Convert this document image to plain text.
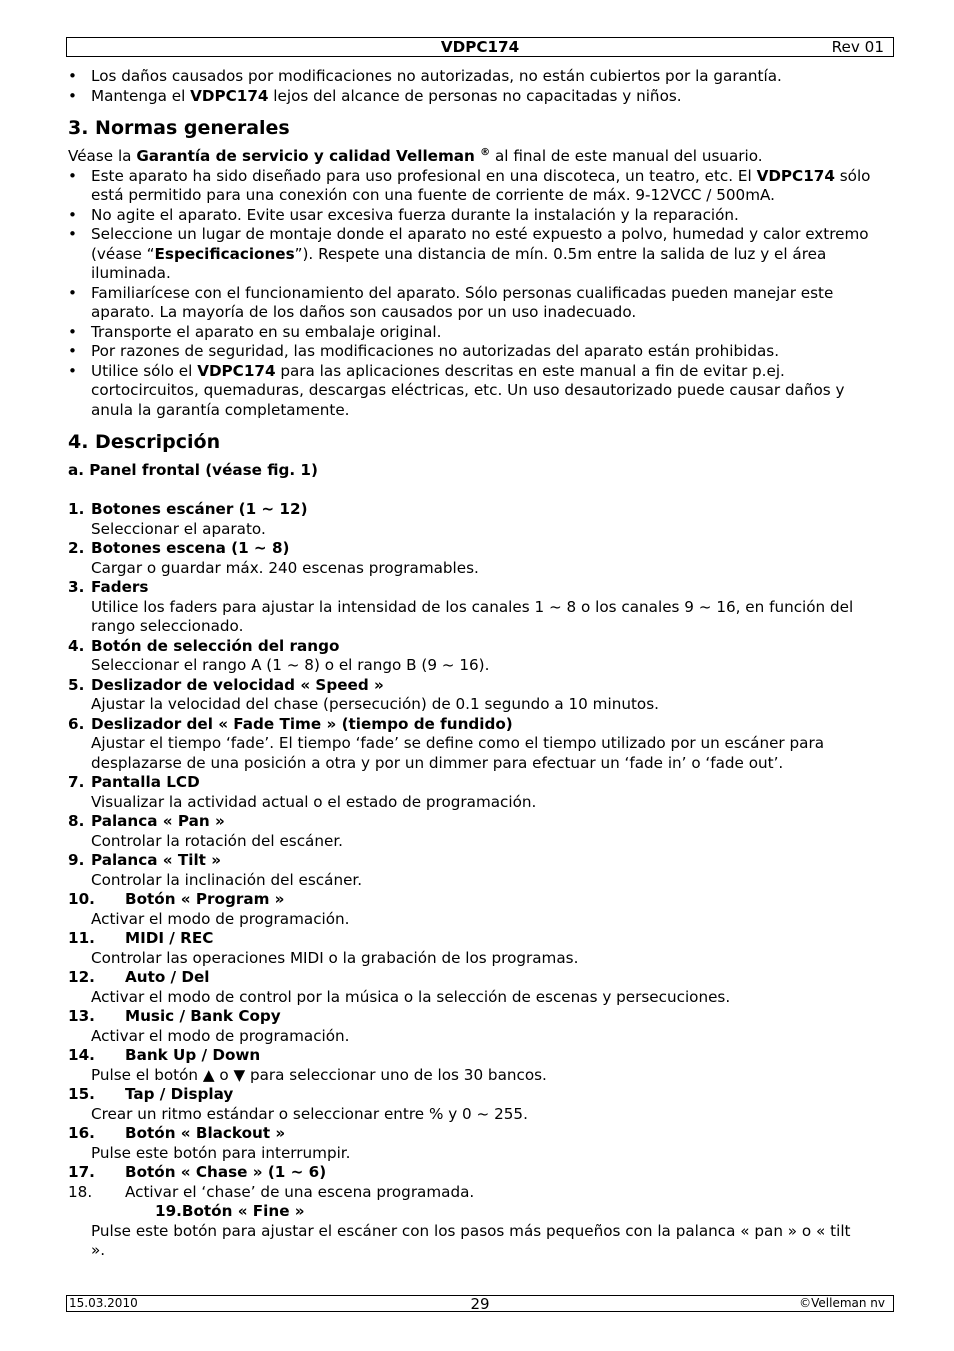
VDPC174	Rev 01
• Los daños causados por modificaciones no autorizadas, no están cubiertos por la garantía.
• Mantenga el VDPC174 lejos del alcance de personas no capacitadas y niños.
3. Normas generales

Véase la Garantía de servicio y calidad Velleman ® al final de este manual del usuario.

• Este aparato ha sido diseñado para uso profesional en una discoteca, un teatro, etc. El VDPC174 sólo está permitido para una conexión con una fuente de corriente de máx. 9-12VCC / 500mA.
• No agite el aparato. Evite usar excesiva fuerza durante la instalación y la reparación.
• Seleccione un lugar de montaje donde el aparato no esté expuesto a polvo, humedad y calor extremo (véase “Especificaciones”). Respete una distancia de mín. 0.5m entre la salida de luz y el área iluminada.
• Familiarícese con el funcionamiento del aparato. Sólo personas cualificadas pueden manejar este aparato. La mayoría de los daños son causados por un uso inadecuado.
• Transporte el aparato en su embalaje original.
• Por razones de seguridad, las modificaciones no autorizadas del aparato están prohibidas.
• Utilice sólo el VDPC174 para las aplicaciones descritas en este manual a fin de evitar p.ej. cortocircuitos, quemaduras, descargas eléctricas, etc. Un uso desautorizado puede causar daños y anula la garantía completamente.
4. Descripción

a. Panel frontal (véase fig. 1)

1. Botones escáner (1 ~ 12)
Seleccionar el aparato.
2. Botones escena (1 ~ 8)
Cargar o guardar máx. 240 escenas programables.
3. Faders
Utilice los faders para ajustar la intensidad de los canales 1 ~ 8 o los canales 9 ~ 16, en función del rango seleccionado.
4. Botón de selección del rango
Seleccionar el rango A (1 ~ 8) o el rango B (9 ~ 16).
5. Deslizador de velocidad « Speed »
Ajustar la velocidad del chase (persecución) de 0.1 segundo a 10 minutos.
6. Deslizador del « Fade Time » (tiempo de fundido)
Ajustar el tiempo ‘fade’. El tiempo ‘fade’ se define como el tiempo utilizado por un escáner para desplazarse de una posición a otra y por un dimmer para efectuar un ‘fade in’ o ‘fade out’.
7. Pantalla LCD
Visualizar la actividad actual o el estado de programación.
8. Palanca « Pan »
Controlar la rotación del escáner.
9. Palanca « Tilt »
Controlar la inclinación del escáner.
10. Botón « Program »
Activar el modo de programación.
11. MIDI / REC
Controlar las operaciones MIDI o la grabación de los programas.
12. Auto / Del
Activar el modo de control por la música o la selección de escenas y persecuciones.
13. Music / Bank Copy
Activar el modo de programación.
14. Bank Up / Down
Pulse el botón ▲ o ▼ para seleccionar uno de los 30 bancos.
15. Tap / Display
Crear un ritmo estándar o seleccionar entre % y 0 ~ 255.
16. Botón « Blackout »
Pulse este botón para interrumpir.
17. Botón « Chase » (1 ~ 6)
18. Activar el ‘chase’ de una escena programada.
19.Botón « Fine »
Pulse este botón para ajustar el escáner con los pasos más pequeños con la palanca « pan » o « tilt ».
15.03.2010	29	©Velleman nv
